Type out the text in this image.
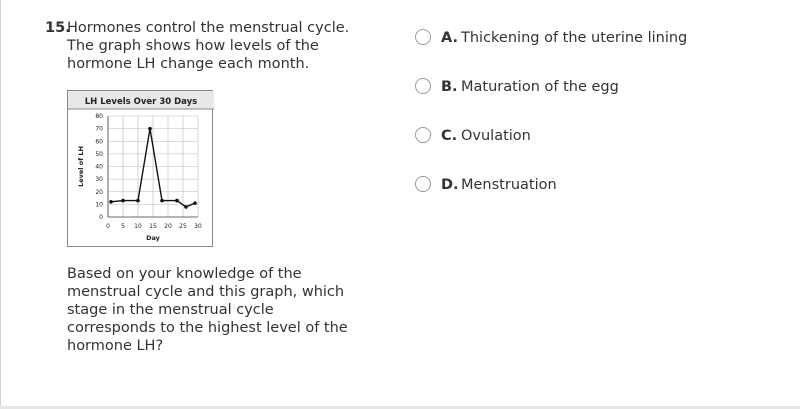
15.
Hormones control the menstrual cycle. The graph shows how levels of the hormone LH change each month.
LH Levels Over 30 Days
0 5 10 15 20 25 30
0
10
20
30
40
50
60
70
80
Day
Level of LH
Based on your knowledge of the menstrual cycle and this graph, which stage in the menstrual cycle corresponds to the highest level of the hormone LH?
A. Thickening of the uterine lining
B. Maturation of the egg
C. Ovulation
D. Menstruation
